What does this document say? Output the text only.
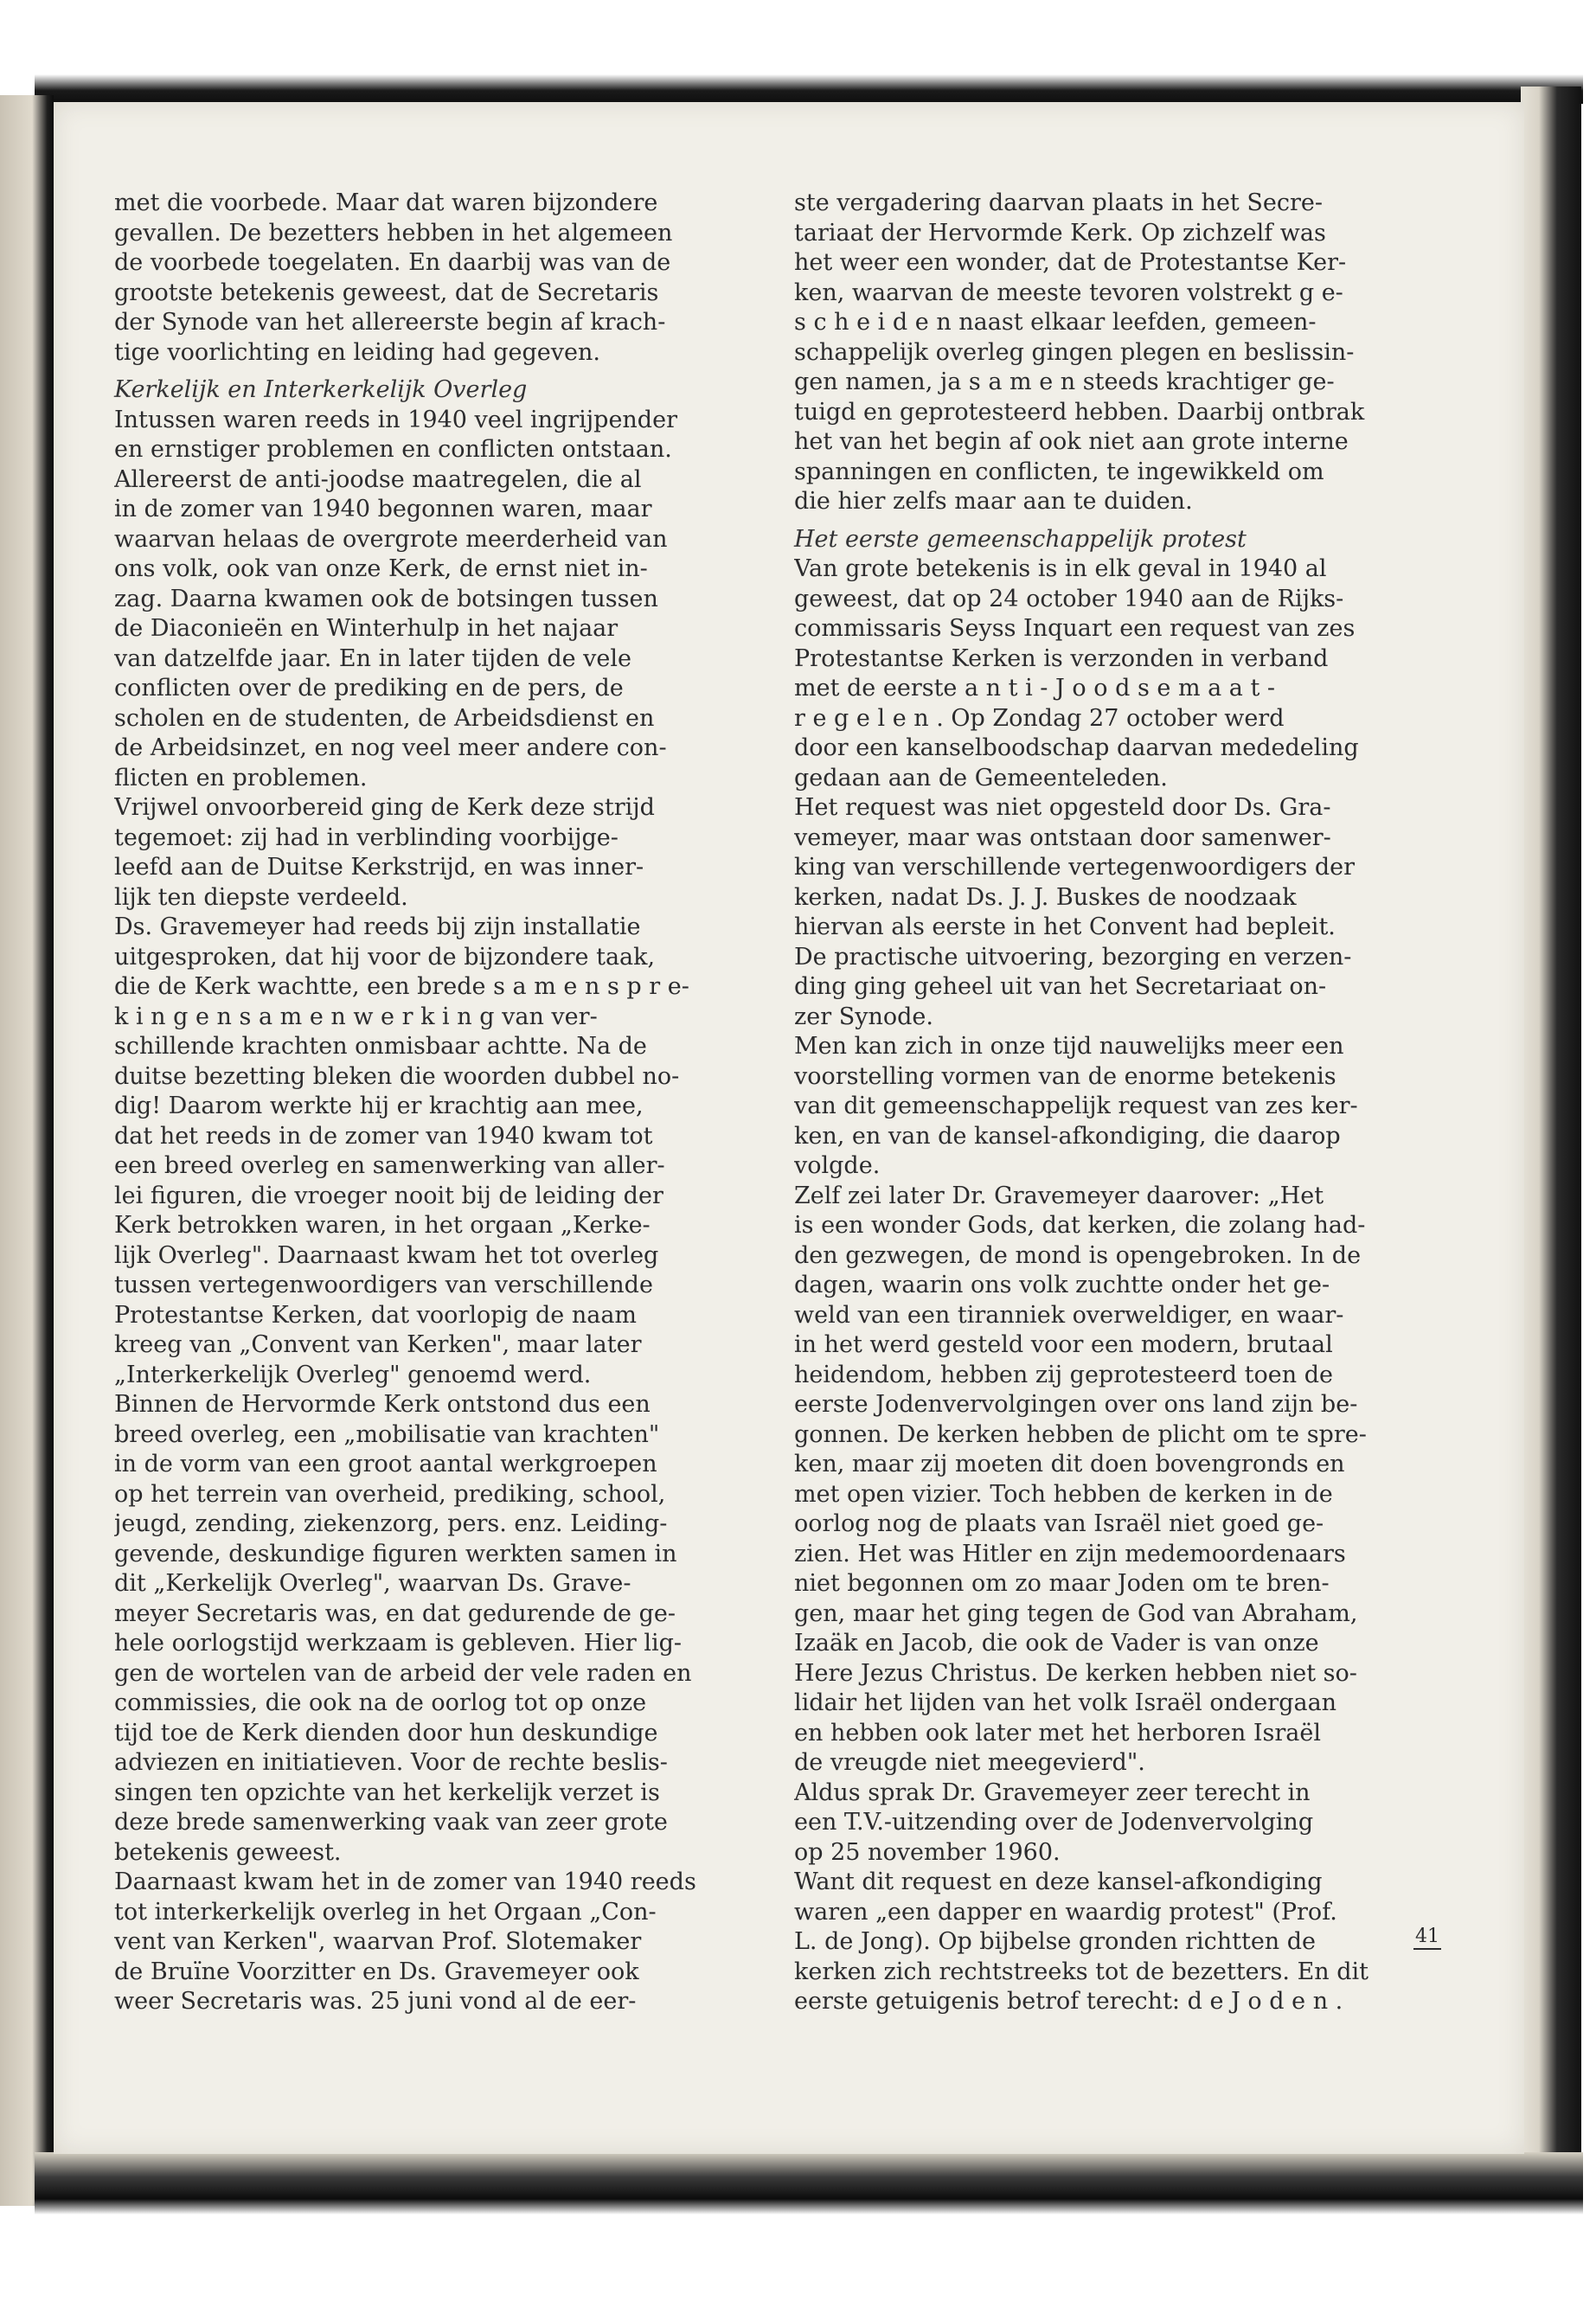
met die voorbede. Maar dat waren bijzondere
gevallen. De bezetters hebben in het algemeen
de voorbede toegelaten. En daarbij was van de
grootste betekenis geweest, dat de Secretaris
der Synode van het allereerste begin af krach-
tige voorlichting en leiding had gegeven.
Kerkelijk en Interkerkelijk Overleg
Intussen waren reeds in 1940 veel ingrijpender
en ernstiger problemen en conflicten ontstaan.
Allereerst de anti-joodse maatregelen, die al
in de zomer van 1940 begonnen waren, maar
waarvan helaas de overgrote meerderheid van
ons volk, ook van onze Kerk, de ernst niet in-
zag. Daarna kwamen ook de botsingen tussen
de Diaconieën en Winterhulp in het najaar
van datzelfde jaar. En in later tijden de vele
conflicten over de prediking en de pers, de
scholen en de studenten, de Arbeidsdienst en
de Arbeidsinzet, en nog veel meer andere con-
flicten en problemen.
Vrijwel onvoorbereid ging de Kerk deze strijd
tegemoet: zij had in verblinding voorbijge-
leefd aan de Duitse Kerkstrijd, en was inner-
lijk ten diepste verdeeld.
Ds. Gravemeyer had reeds bij zijn installatie
uitgesproken, dat hij voor de bijzondere taak,
die de Kerk wachtte, een brede s a m e n s p r e-
k i n g e n s a m e n w e r k i n g van ver-
schillende krachten onmisbaar achtte. Na de
duitse bezetting bleken die woorden dubbel no-
dig! Daarom werkte hij er krachtig aan mee,
dat het reeds in de zomer van 1940 kwam tot
een breed overleg en samenwerking van aller-
lei figuren, die vroeger nooit bij de leiding der
Kerk betrokken waren, in het orgaan „Kerke-
lijk Overleg". Daarnaast kwam het tot overleg
tussen vertegenwoordigers van verschillende
Protestantse Kerken, dat voorlopig de naam
kreeg van „Convent van Kerken", maar later
„Interkerkelijk Overleg" genoemd werd.
Binnen de Hervormde Kerk ontstond dus een
breed overleg, een „mobilisatie van krachten"
in de vorm van een groot aantal werkgroepen
op het terrein van overheid, prediking, school,
jeugd, zending, ziekenzorg, pers. enz. Leiding-
gevende, deskundige figuren werkten samen in
dit „Kerkelijk Overleg", waarvan Ds. Grave-
meyer Secretaris was, en dat gedurende de ge-
hele oorlogstijd werkzaam is gebleven. Hier lig-
gen de wortelen van de arbeid der vele raden en
commissies, die ook na de oorlog tot op onze
tijd toe de Kerk dienden door hun deskundige
adviezen en initiatieven. Voor de rechte beslis-
singen ten opzichte van het kerkelijk verzet is
deze brede samenwerking vaak van zeer grote
betekenis geweest.
Daarnaast kwam het in de zomer van 1940 reeds
tot interkerkelijk overleg in het Orgaan „Con-
vent van Kerken", waarvan Prof. Slotemaker
de Bruïne Voorzitter en Ds. Gravemeyer ook
weer Secretaris was. 25 juni vond al de eer-
ste vergadering daarvan plaats in het Secre-
tariaat der Hervormde Kerk. Op zichzelf was
het weer een wonder, dat de Protestantse Ker-
ken, waarvan de meeste tevoren volstrekt g e-
s c h e i d e n naast elkaar leefden, gemeen-
schappelijk overleg gingen plegen en beslissin-
gen namen, ja s a m e n steeds krachtiger ge-
tuigd en geprotesteerd hebben. Daarbij ontbrak
het van het begin af ook niet aan grote interne
spanningen en conflicten, te ingewikkeld om
die hier zelfs maar aan te duiden.
Het eerste gemeenschappelijk protest
Van grote betekenis is in elk geval in 1940 al
geweest, dat op 24 october 1940 aan de Rijks-
commissaris Seyss Inquart een request van zes
Protestantse Kerken is verzonden in verband
met de eerste a n t i - J o o d s e m a a t -
r e g e l e n . Op Zondag 27 october werd
door een kanselboodschap daarvan mededeling
gedaan aan de Gemeenteleden.
Het request was niet opgesteld door Ds. Gra-
vemeyer, maar was ontstaan door samenwer-
king van verschillende vertegenwoordigers der
kerken, nadat Ds. J. J. Buskes de noodzaak
hiervan als eerste in het Convent had bepleit.
De practische uitvoering, bezorging en verzen-
ding ging geheel uit van het Secretariaat on-
zer Synode.
Men kan zich in onze tijd nauwelijks meer een
voorstelling vormen van de enorme betekenis
van dit gemeenschappelijk request van zes ker-
ken, en van de kansel-afkondiging, die daarop
volgde.
Zelf zei later Dr. Gravemeyer daarover: „Het
is een wonder Gods, dat kerken, die zolang had-
den gezwegen, de mond is opengebroken. In de
dagen, waarin ons volk zuchtte onder het ge-
weld van een tiranniek overweldiger, en waar-
in het werd gesteld voor een modern, brutaal
heidendom, hebben zij geprotesteerd toen de
eerste Jodenvervolgingen over ons land zijn be-
gonnen. De kerken hebben de plicht om te spre-
ken, maar zij moeten dit doen bovengronds en
met open vizier. Toch hebben de kerken in de
oorlog nog de plaats van Israël niet goed ge-
zien. Het was Hitler en zijn medemoordenaars
niet begonnen om zo maar Joden om te bren-
gen, maar het ging tegen de God van Abraham,
Izaäk en Jacob, die ook de Vader is van onze
Here Jezus Christus. De kerken hebben niet so-
lidair het lijden van het volk Israël ondergaan
en hebben ook later met het herboren Israël
de vreugde niet meegevierd".
Aldus sprak Dr. Gravemeyer zeer terecht in
een T.V.-uitzending over de Jodenvervolging
op 25 november 1960.
Want dit request en deze kansel-afkondiging
waren „een dapper en waardig protest" (Prof.
L. de Jong). Op bijbelse gronden richtten de
kerken zich rechtstreeks tot de bezetters. En dit
eerste getuigenis betrof terecht: d e J o d e n .
41
